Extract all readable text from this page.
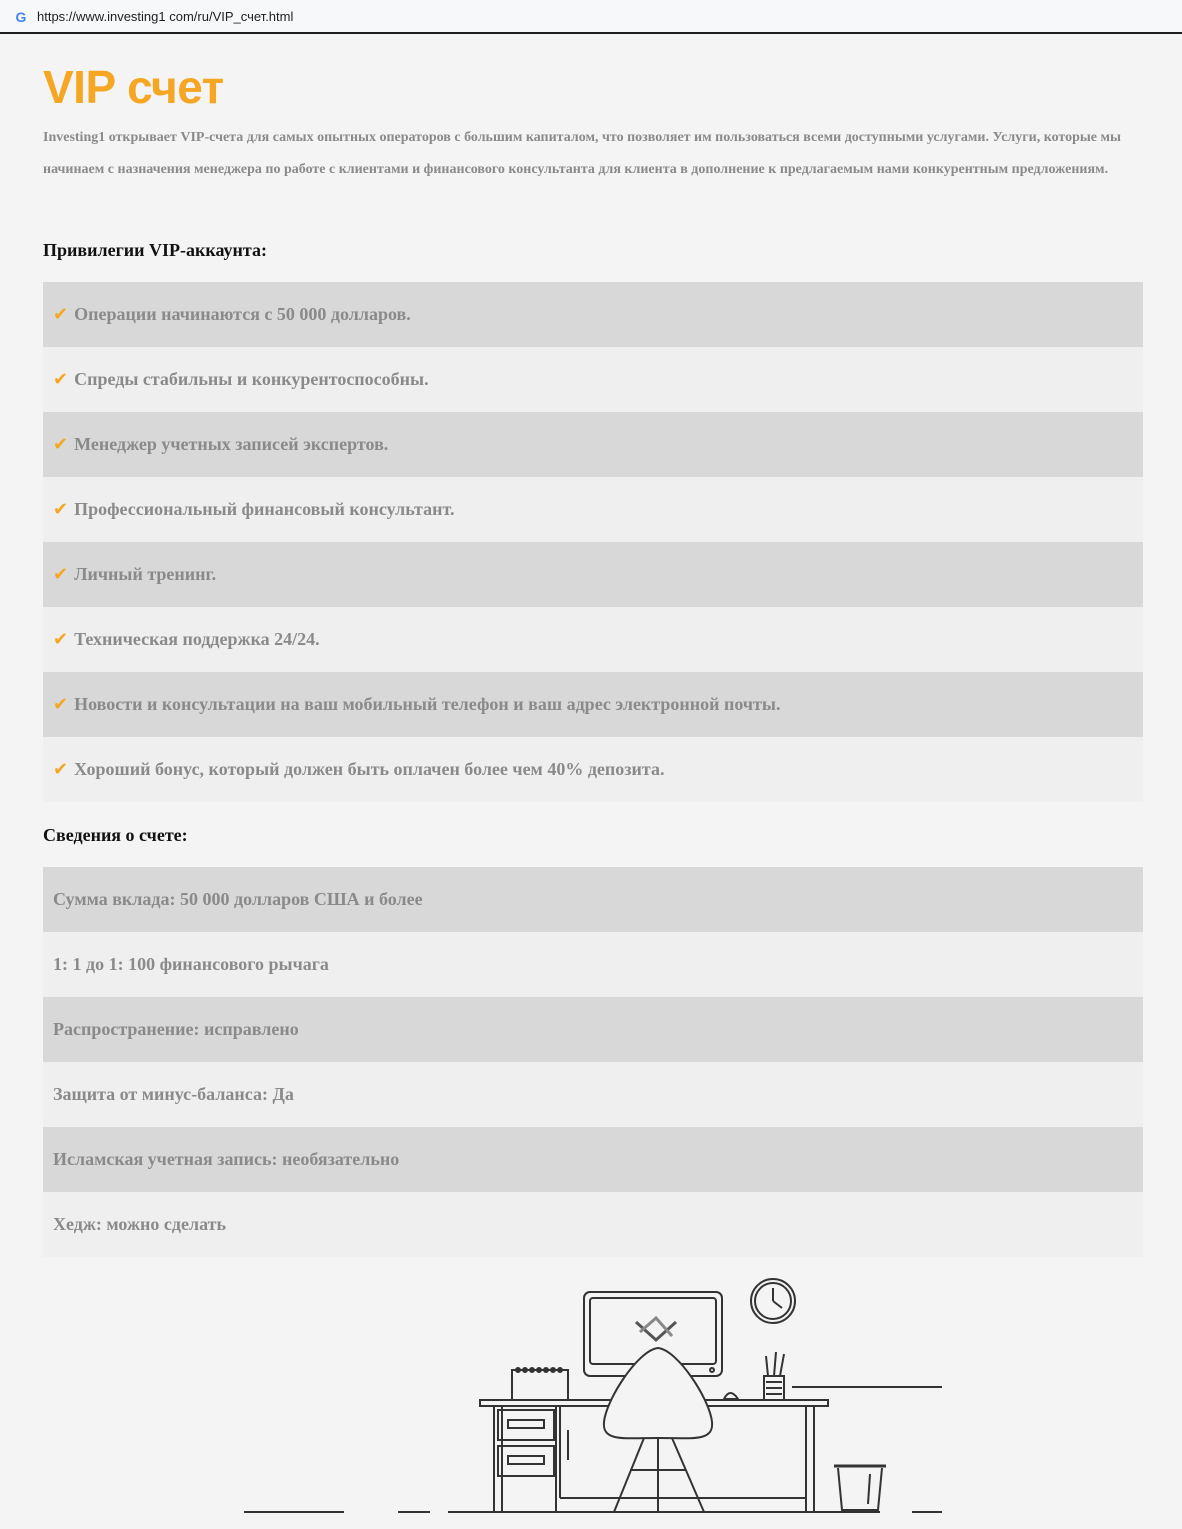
G https://www.investing1 com/ru/VIP_счет.html
VIP счет

Investing1 открывает VIP-счета для самых опытных операторов с большим капиталом, что позволяет им пользоваться всеми доступными услугами. Услуги, которые мы начинаем с назначения менеджера по работе с клиентами и финансового консультанта для клиента в дополнение к предлагаемым нами конкурентным предложениям.

Привилегии VIP-аккаунта:
✔ Операции начинаются с 50 000 долларов.
✔ Спреды стабильны и конкурентоспособны.
✔ Менеджер учетных записей экспертов.
✔ Профессиональный финансовый консультант.
✔ Личный тренинг.
✔ Техническая поддержка 24/24.
✔ Новости и консультации на ваш мобильный телефон и ваш адрес электронной почты.
✔ Хороший бонус, который должен быть оплачен более чем 40% депозита.
Сведения о счете:
Сумма вклада: 50 000 долларов США и более
1: 1 до 1: 100 финансового рычага
Распространение: исправлено
Защита от минус-баланса: Да
Исламская учетная запись: необязательно
Хедж: можно сделать
